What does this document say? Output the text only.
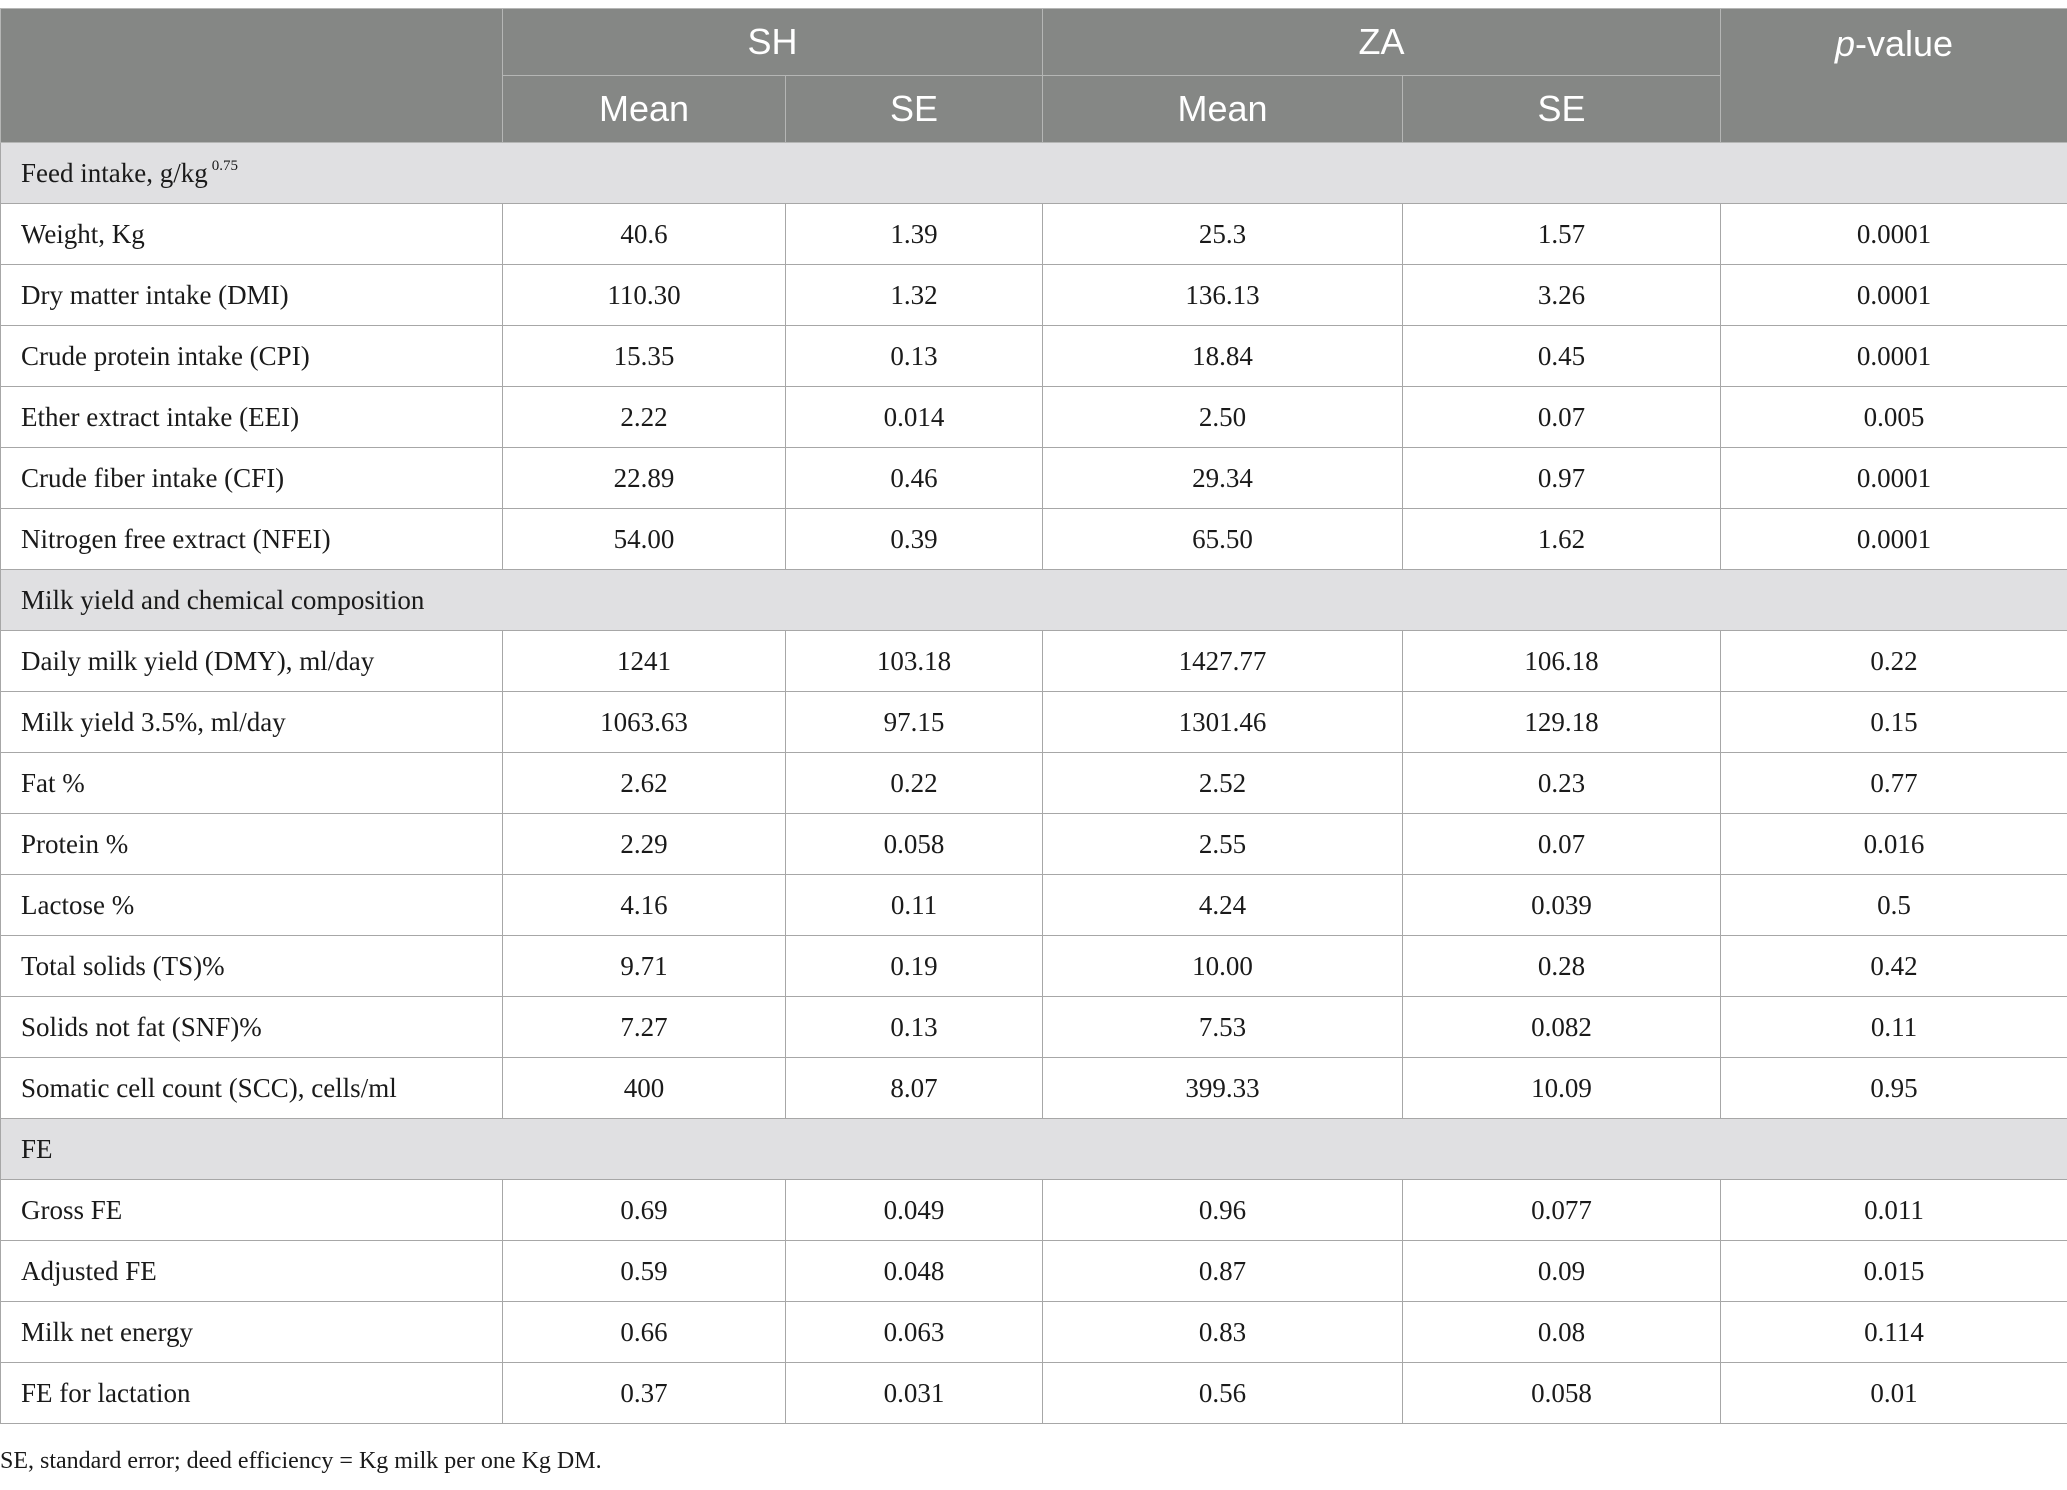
	SH		ZA		p-value
	Mean	SE	Mean	SE	
Feed intake, g/kg $^{0.75}$
Weight, Kg	40.6	1.39	25.3	1.57	0.0001
Dry matter intake (DMI)	110.30	1.32	136.13	3.26	0.0001
Crude protein intake (CPI)	15.35	0.13	18.84	0.45	0.0001
Ether extract intake (EEI)	2.22	0.014	2.50	0.07	0.005
Crude fiber intake (CFI)	22.89	0.46	29.34	0.97	0.0001
Nitrogen free extract (NFEI)	54.00	0.39	65.50	1.62	0.0001
Milk yield and chemical composition					
Daily milk yield (DMY), ml/day	1241	103.18	1427.77	106.18	0.22
Milk yield 3.5%, ml/day	1063.63	97.15	1301.46	129.18	0.15
Fat %	2.62	0.22	2.52	0.23	0.77
Protein %	2.29	0.058	2.55	0.07	0.016
Lactose %	4.16	0.11	4.24	0.039	0.5
Total solids (TS)%	9.71	0.19	10.00	0.28	0.42
Solids not fat (SNF)%	7.27	0.13	7.53	0.082	0.11
Somatic cell count (SCC), cells/ml	400	8.07	399.33	10.09	0.95
FE					
Gross FE	0.69	0.049	0.96	0.077	0.011
Adjusted FE	0.59	0.048	0.87	0.09	0.015
Milk net energy	0.66	0.063	0.83	0.08	0.114
FE for lactation	0.37	0.031	0.56	0.058	0.01
SE, standard error; deed efficiency = Kg milk per one Kg DM.
